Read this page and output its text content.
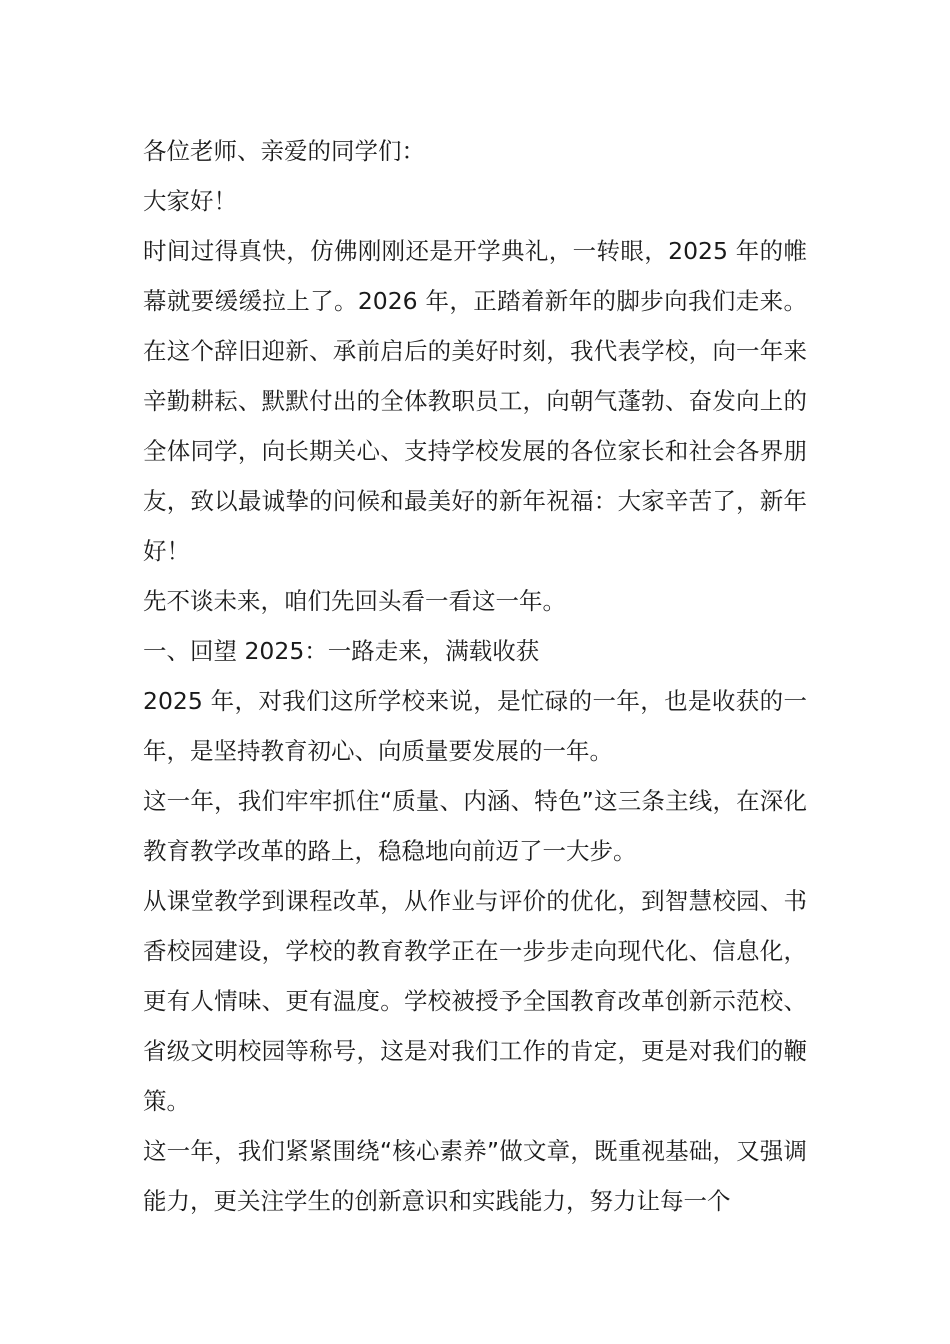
各位老师、亲爱的同学们：

大家好！

时间过得真快，仿佛刚刚还是开学典礼，一转眼，2025 年的帷幕就要缓缓拉上了。2026 年，正踏着新年的脚步向我们走来。在这个辞旧迎新、承前启后的美好时刻，我代表学校，向一年来辛勤耕耘、默默付出的全体教职员工，向朝气蓬勃、奋发向上的全体同学，向长期关心、支持学校发展的各位家长和社会各界朋友，致以最诚挚的问候和最美好的新年祝福：大家辛苦了，新年好！

先不谈未来，咱们先回头看一看这一年。

一、回望 2025：一路走来，满载收获

2025 年，对我们这所学校来说，是忙碌的一年，也是收获的一年，是坚持教育初心、向质量要发展的一年。

这一年，我们牢牢抓住“质量、内涵、特色”这三条主线，在深化教育教学改革的路上，稳稳地向前迈了一大步。

从课堂教学到课程改革，从作业与评价的优化，到智慧校园、书香校园建设，学校的教育教学正在一步步走向现代化、信息化，更有人情味、更有温度。学校被授予全国教育改革创新示范校、省级文明校园等称号，这是对我们工作的肯定，更是对我们的鞭策。

这一年，我们紧紧围绕“核心素养”做文章，既重视基础，又强调能力，更关注学生的创新意识和实践能力，努力让每一个
